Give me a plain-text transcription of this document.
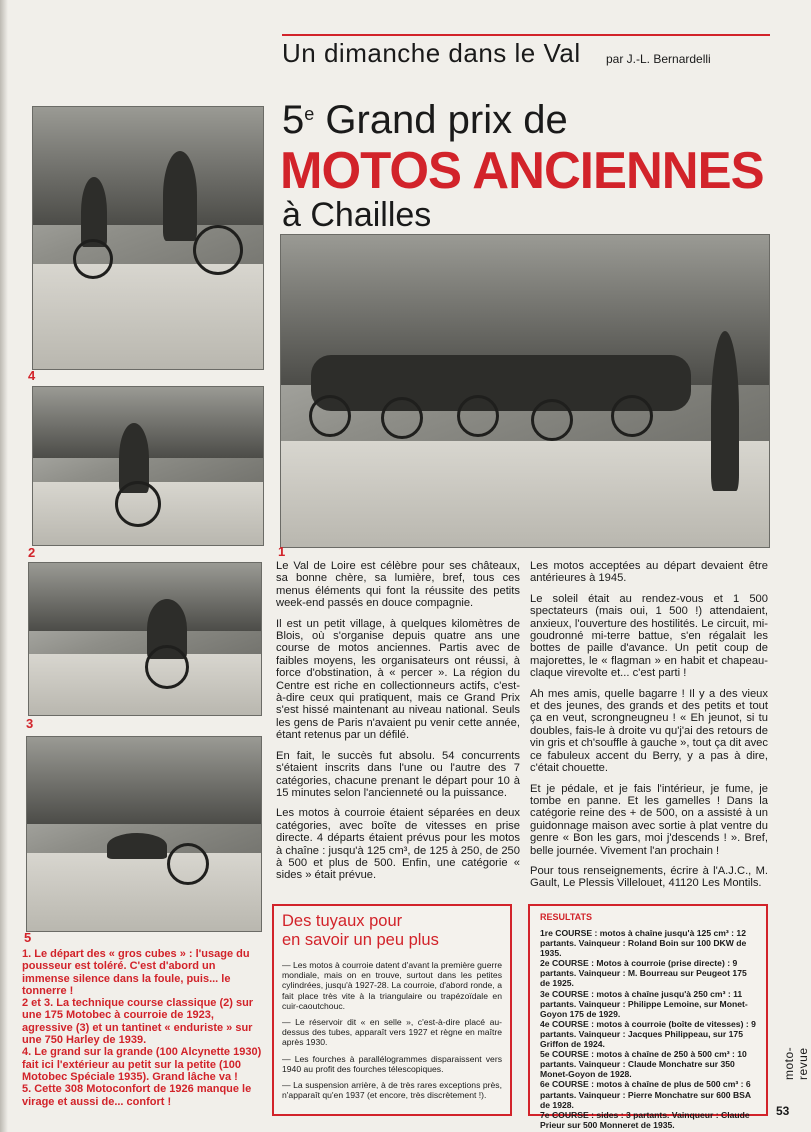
Un dimanche dans le Val par J.-L. Bernardelli
5e Grand prix de
MOTOS ANCIENNES
à Chailles
4
2
3
5
1

Le Val de Loire est célèbre pour ses châteaux, sa bonne chère, sa lumière, bref, tous ces menus éléments qui font la réussite des petits week-end passés en douce compagnie.

Il est un petit village, à quelques kilomètres de Blois, où s'organise depuis quatre ans une course de motos anciennes. Partis avec de faibles moyens, les organisateurs ont réussi, à force d'obstination, à « percer ». La région du Centre est riche en collectionneurs actifs, c'est-à-dire ceux qui pratiquent, mais ce Grand Prix s'est hissé maintenant au niveau national. Seuls les gens de Paris n'avaient pu venir cette année, étant retenus par un défilé.

En fait, le succès fut absolu. 54 concurrents s'étaient inscrits dans l'une ou l'autre des 7 catégories, chacune prenant le départ pour 10 à 15 minutes selon l'ancienneté ou la puissance.

Les motos à courroie étaient séparées en deux catégories, avec boîte de vitesses en prise directe. 4 départs étaient prévus pour les motos à chaîne : jusqu'à 125 cm³, de 125 à 250, de 250 à 500 et plus de 500. Enfin, une catégorie « sides » était prévue.

Les motos acceptées au départ devaient être antérieures à 1945.

Le soleil était au rendez-vous et 1 500 spectateurs (mais oui, 1 500 !) attendaient, anxieux, l'ouverture des hostilités. Le circuit, mi-goudronné mi-terre battue, s'en régalait les bottes de paille d'avance. Un petit coup de majorettes, le « flagman » en habit et chapeau-claque virevolte et... c'est parti !

Ah mes amis, quelle bagarre ! Il y a des vieux et des jeunes, des grands et des petits et tout ça en veut, scrongneugneu ! « Eh jeunot, si tu doubles, fais-le à droite vu qu'j'ai des retours de vin gris et ch'souffle à gauche », tout ça dit avec ce fabuleux accent du Berry, y a pas à dire, c'était chouette.

Et je pédale, et je fais l'intérieur, je fume, je tombe en panne. Et les gamelles ! Dans la catégorie reine des + de 500, on a assisté à un guidonnage maison avec sortie à plat ventre du genre « Bon les gars, moi j'descends ! ». Bref, belle journée. Vivement l'an prochain !

Pour tous renseignements, écrire à l'A.J.C., M. Gault, Le Plessis Villelouet, 41120 Les Montils.

1. Le départ des « gros cubes » : l'usage du pousseur est toléré. C'est d'abord un immense silence dans la foule, puis... le tonnerre !

2 et 3. La technique course classique (2) sur une 175 Motobec à courroie de 1923, agressive (3) et un tantinet « enduriste » sur une 750 Harley de 1939.

4. Le grand sur la grande (100 Alcynette 1930) fait ici l'extérieur au petit sur la petite (100 Motobec Spéciale 1935). Grand lâche va !

5. Cette 308 Motoconfort de 1926 manque le virage et aussi de... confort !

Des tuyaux pour

en savoir un peu plus

— Les motos à courroie datent d'avant la première guerre mondiale, mais on en trouve, surtout dans les petites cylindrées, jusqu'à 1927-28. La courroie, d'abord ronde, a fait place très vite à la triangulaire ou trapézoïdale en cuir-caoutchouc.

— Le réservoir dit « en selle », c'est-à-dire placé au-dessus des tubes, apparaît vers 1927 et règne en maître après 1930.

— Les fourches à parallélogrammes disparaissent vers 1940 au profit des fourches télescopiques.

— La suspension arrière, à de très rares exceptions près, n'apparaît qu'en 1937 (et encore, très discrètement !).

RESULTATS

1re COURSE : motos à chaîne jusqu'à 125 cm³ : 12 partants. Vainqueur : Roland Boin sur 100 DKW de 1935.

2e COURSE : Motos à courroie (prise directe) : 9 partants. Vainqueur : M. Bourreau sur Peugeot 175 de 1925.

3e COURSE : motos à chaîne jusqu'à 250 cm³ : 11 partants. Vainqueur : Philippe Lemoine, sur Monet-Goyon 175 de 1929.

4e COURSE : motos à courroie (boîte de vitesses) : 9 partants. Vainqueur : Jacques Philippeau, sur 175 Griffon de 1924.

5e COURSE : motos à chaîne de 250 à 500 cm³ : 10 partants. Vainqueur : Claude Monchatre sur 350 Monet-Goyon de 1928.

6e COURSE : motos à chaîne de plus de 500 cm³ : 6 partants. Vainqueur : Pierre Monchatre sur 600 BSA de 1928.

7e COURSE : sides : 3 partants. Vainqueur : Claude Prieur sur 500 Monneret de 1935.

moto-revue
53
